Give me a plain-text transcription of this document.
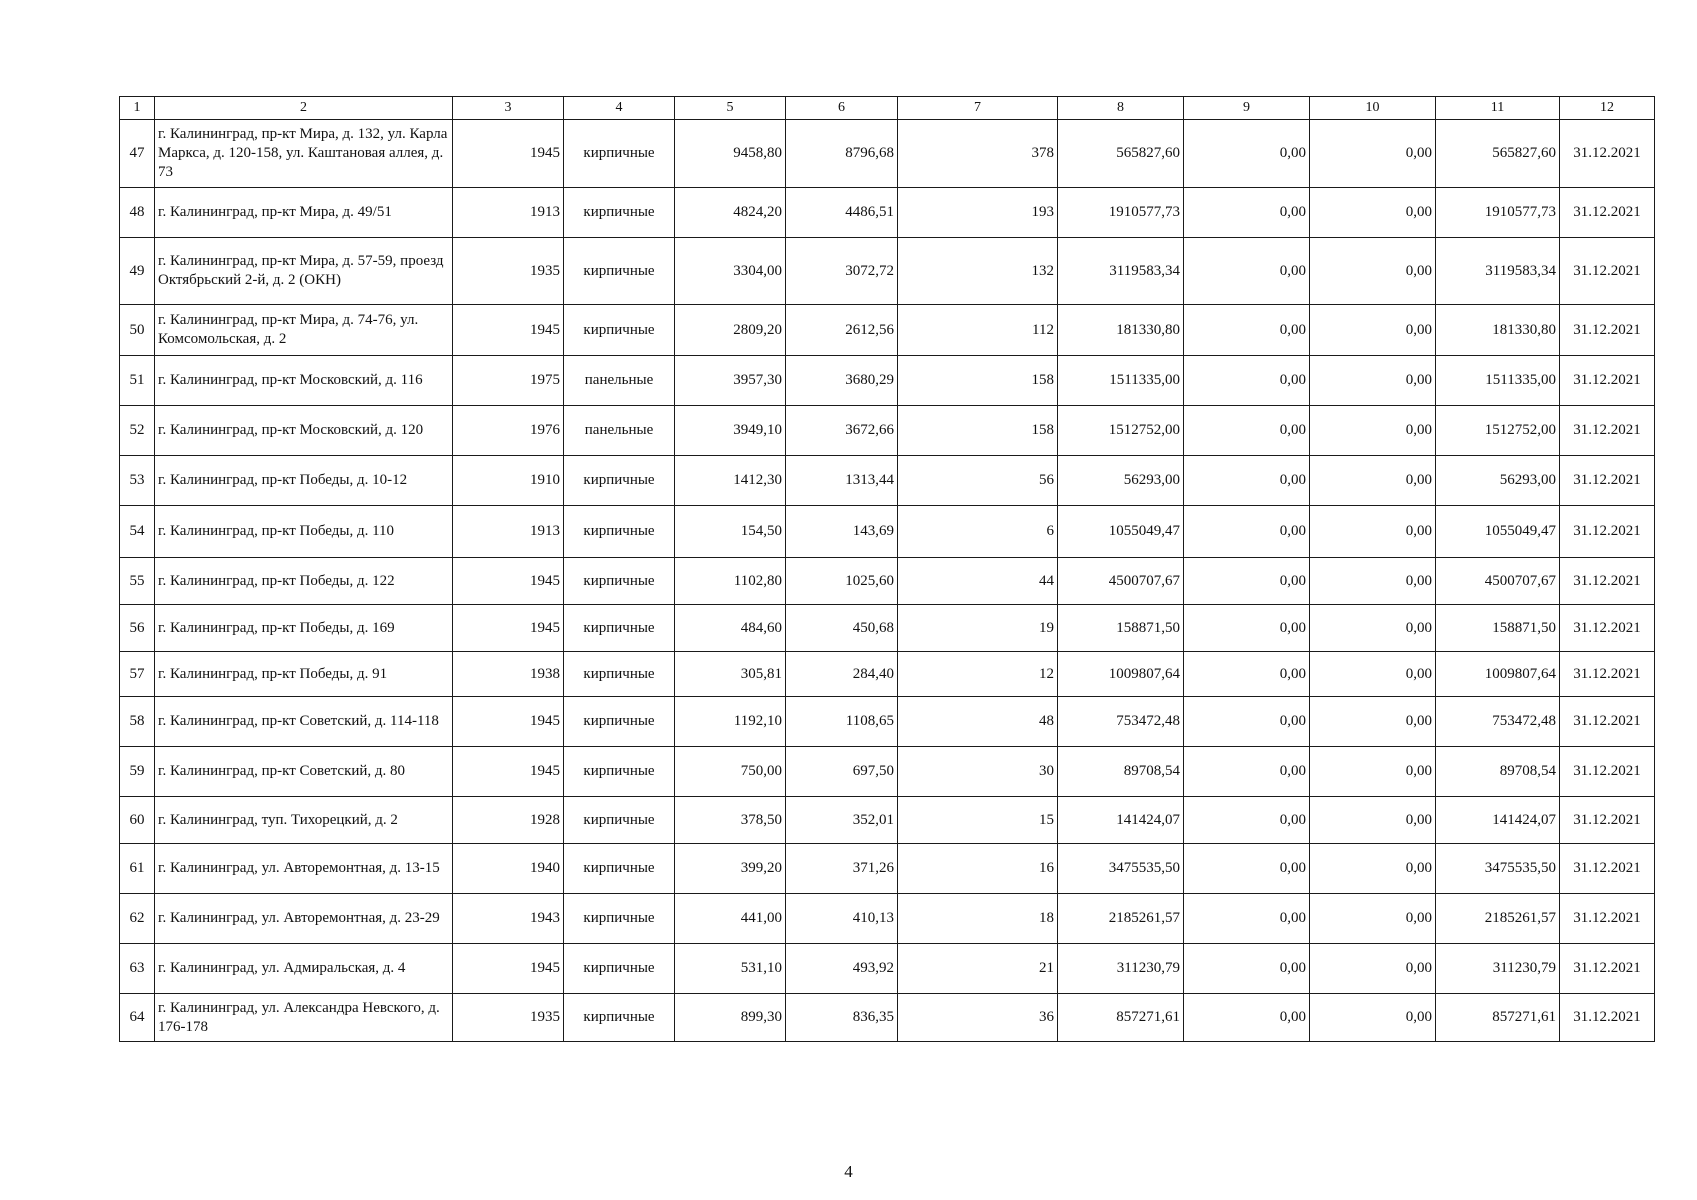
1	2	3	4	5	6	7	8	9	10	11	12
47	г. Калининград, пр-кт Мира, д. 132, ул. Карла Маркса, д. 120-158, ул. Каштановая аллея, д. 73	1945	кирпичные	9458,80	8796,68	378	565827,60	0,00	0,00	565827,60	31.12.2021
48	г. Калининград, пр-кт Мира, д. 49/51	1913	кирпичные	4824,20	4486,51	193	1910577,73	0,00	0,00	1910577,73	31.12.2021
49	г. Калининград, пр-кт Мира, д. 57-59, проезд Октябрьский 2-й, д. 2 (ОКН)	1935	кирпичные	3304,00	3072,72	132	3119583,34	0,00	0,00	3119583,34	31.12.2021
50	г. Калининград, пр-кт Мира, д. 74-76, ул. Комсомольская, д. 2	1945	кирпичные	2809,20	2612,56	112	181330,80	0,00	0,00	181330,80	31.12.2021
51	г. Калининград, пр-кт Московский, д. 116	1975	панельные	3957,30	3680,29	158	1511335,00	0,00	0,00	1511335,00	31.12.2021
52	г. Калининград, пр-кт Московский, д. 120	1976	панельные	3949,10	3672,66	158	1512752,00	0,00	0,00	1512752,00	31.12.2021
53	г. Калининград, пр-кт Победы, д. 10-12	1910	кирпичные	1412,30	1313,44	56	56293,00	0,00	0,00	56293,00	31.12.2021
54	г. Калининград, пр-кт Победы, д. 110	1913	кирпичные	154,50	143,69	6	1055049,47	0,00	0,00	1055049,47	31.12.2021
55	г. Калининград, пр-кт Победы, д. 122	1945	кирпичные	1102,80	1025,60	44	4500707,67	0,00	0,00	4500707,67	31.12.2021
56	г. Калининград, пр-кт Победы, д. 169	1945	кирпичные	484,60	450,68	19	158871,50	0,00	0,00	158871,50	31.12.2021
57	г. Калининград, пр-кт Победы, д. 91	1938	кирпичные	305,81	284,40	12	1009807,64	0,00	0,00	1009807,64	31.12.2021
58	г. Калининград, пр-кт Советский, д. 114-118	1945	кирпичные	1192,10	1108,65	48	753472,48	0,00	0,00	753472,48	31.12.2021
59	г. Калининград, пр-кт Советский, д. 80	1945	кирпичные	750,00	697,50	30	89708,54	0,00	0,00	89708,54	31.12.2021
60	г. Калининград, туп. Тихорецкий, д. 2	1928	кирпичные	378,50	352,01	15	141424,07	0,00	0,00	141424,07	31.12.2021
61	г. Калининград, ул. Авторемонтная, д. 13-15	1940	кирпичные	399,20	371,26	16	3475535,50	0,00	0,00	3475535,50	31.12.2021
62	г. Калининград, ул. Авторемонтная, д. 23-29	1943	кирпичные	441,00	410,13	18	2185261,57	0,00	0,00	2185261,57	31.12.2021
63	г. Калининград, ул. Адмиральская, д. 4	1945	кирпичные	531,10	493,92	21	311230,79	0,00	0,00	311230,79	31.12.2021
64	г. Калининград, ул. Александра Невского, д. 176-178	1935	кирпичные	899,30	836,35	36	857271,61	0,00	0,00	857271,61	31.12.2021
4
